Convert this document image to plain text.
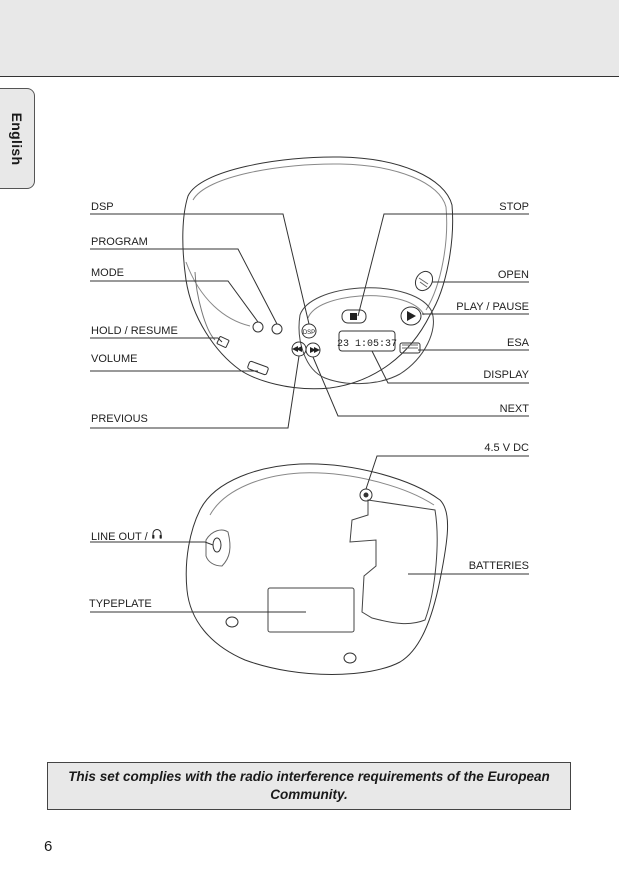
English
DSP
23 1:05:37
DSP
PROGRAM
MODE
HOLD / RESUME
VOLUME
PREVIOUS
STOP
OPEN
PLAY / PAUSE
ESA
DISPLAY
NEXT
4.5 V DC
LINE OUT /
BATTERIES
TYPEPLATE

This set complies with the radio interference requirements of the European Community.

6
